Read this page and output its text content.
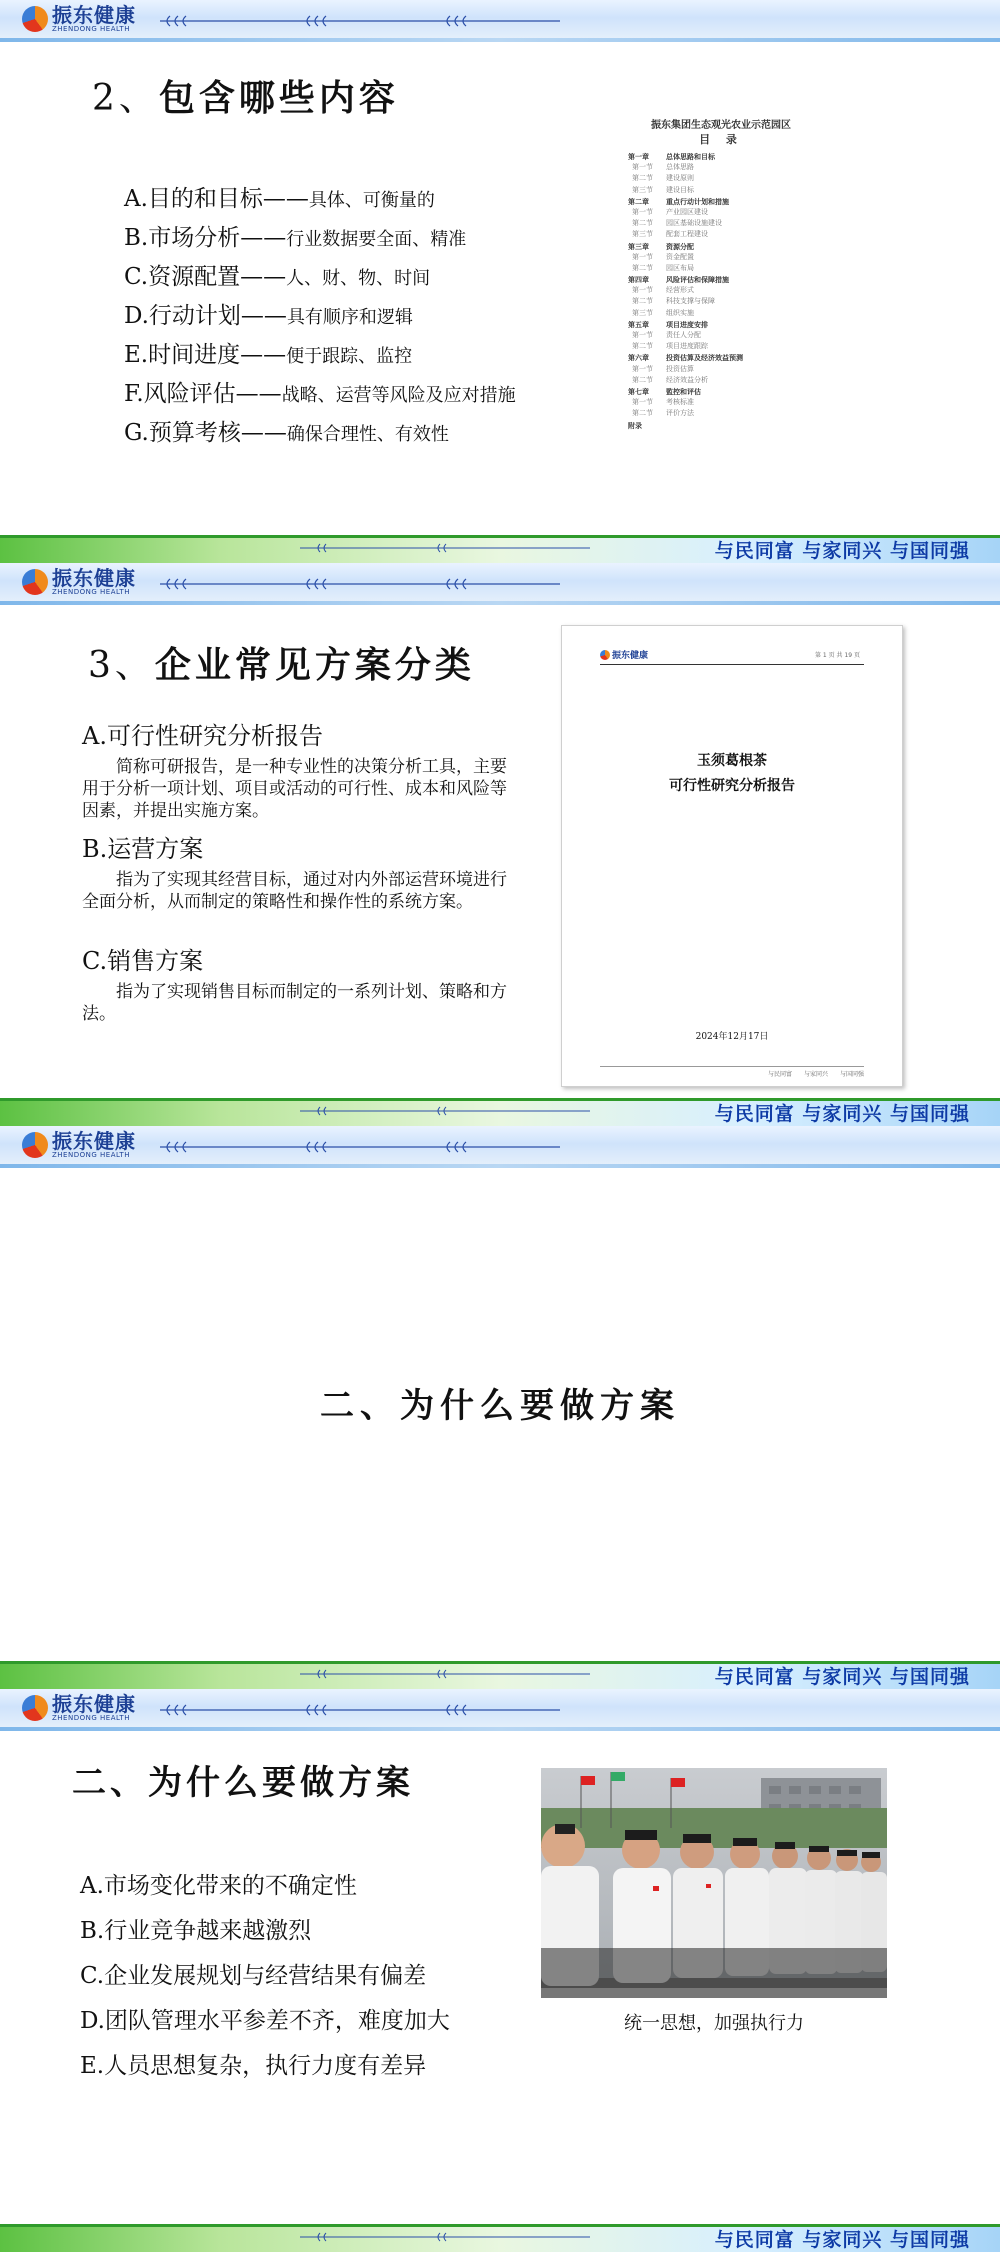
振东健康
ZHENDONG HEALTH
2、包含哪些内容
A.目的和目标——具体、可衡量的
B.市场分析——行业数据要全面、精准
C.资源配置——人、财、物、时间
D.行动计划——具有顺序和逻辑
E.时间进度——便于跟踪、监控
F.风险评估——战略、运营等风险及应对措施
G.预算考核——确保合理性、有效性
振东集团生态观光农业示范园区
目 录
第一章 总体思路和目标
第一节 总体思路
第二节 建设原则
第三节 建设目标
第二章 重点行动计划和措施
第一节 产业园区建设
第二节 园区基础设施建设
第三节 配套工程建设
第三章 资源分配
第一节 资金配置
第二节 园区布局
第四章 风险评估和保障措施
第一节 经营形式
第二节 科技支撑与保障
第三节 组织实施
第五章 项目进度安排
第一节 责任人分配
第二节 项目进度跟踪
第六章 投资估算及经济效益预测
第一节 投资估算
第二节 经济效益分析
第七章 監控和评估
第一节 考核标准
第二节 评价方法
附录
与民同富 与家同兴 与国同强
振东健康
ZHENDONG HEALTH
3、企业常见方案分类
A.可行性研究分析报告
简称可研报告，是一种专业性的决策分析工具，主要用于分析一项计划、项目或活动的可行性、成本和风险等因素，并提出实施方案。
B.运营方案
指为了实现其经营目标，通过对内外部运营环境进行全面分析，从而制定的策略性和操作性的系统方案。
C.销售方案
指为了实现销售目标而制定的一系列计划、策略和方法。
振东健康	第 1 页 共 19 页
玉须葛根茶
可行性研究分析报告
2024年12月17日
与民同富　　与家同兴　　与国同强
与民同富 与家同兴 与国同强
振东健康
ZHENDONG HEALTH
二、为什么要做方案
与民同富 与家同兴 与国同强
振东健康
ZHENDONG HEALTH
二、为什么要做方案
A.市场变化带来的不确定性
B.行业竞争越来越激烈
C.企业发展规划与经营结果有偏差
D.团队管理水平参差不齐，难度加大
E.人员思想复杂，执行力度有差异
统一思想，加强执行力
与民同富 与家同兴 与国同强
